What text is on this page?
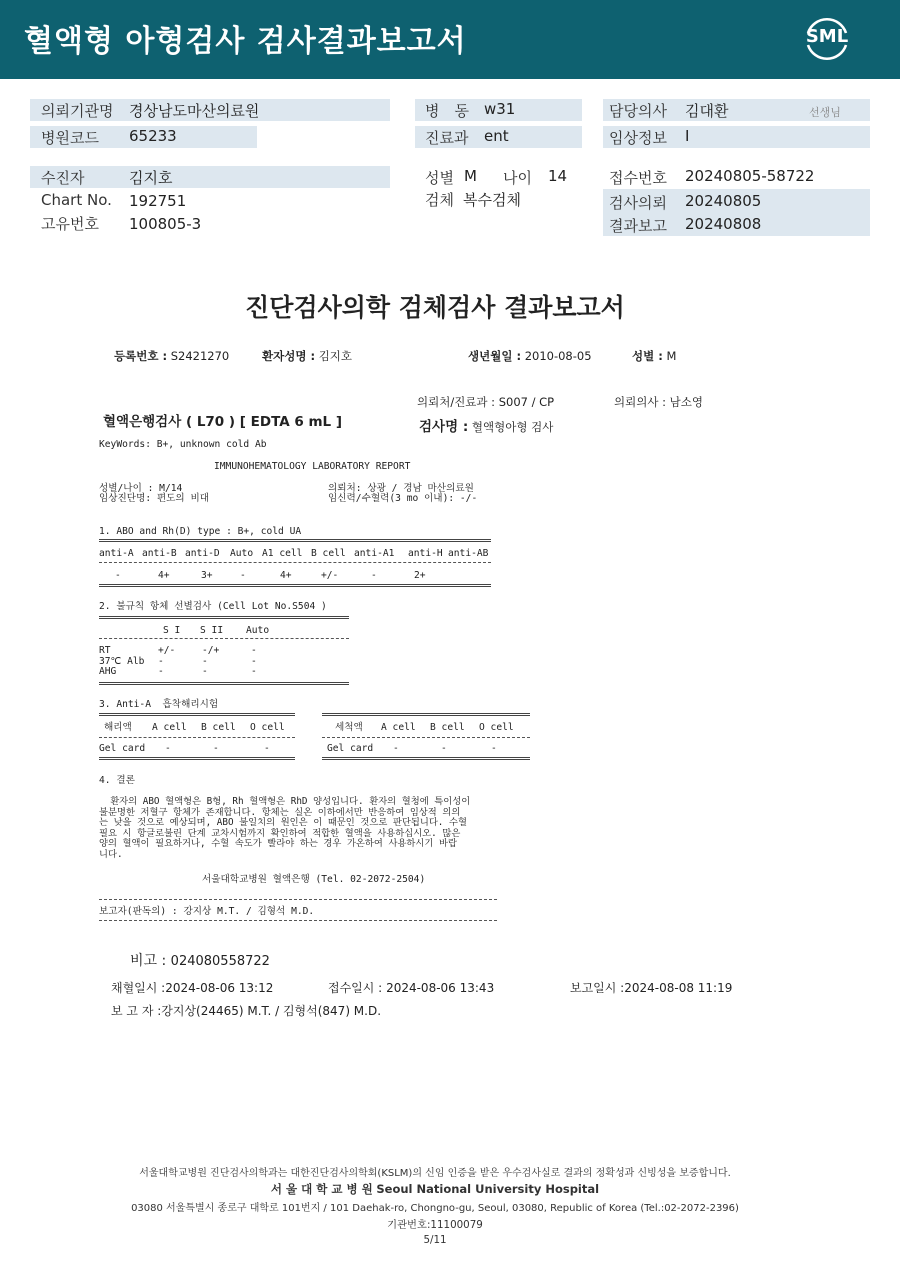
혈액형 아형검사 검사결과보고서	SML
의뢰기관명 경상남도마산의료원
병원코드 65233
수진자	김지호
Chart No. 192751
고유번호 100805-3
병　동 w31
진료과 ent
성별 M 나이 14
검체 복수검체
담당의사 김대환	선생님
임상정보 I
접수번호 20240805-58722
검사의뢰 20240805
결과보고 20240808
진단검사의학 검체검사 결과보고서
등록번호 : S2421270	환자성명 : 김지호	생년월일 : 2010-08-05	성별 : M
의뢰처/진료과 : S007 / CP	의뢰의사 : 남소영
혈액은행검사 ( L70 ) [ EDTA 6 mL ]	검사명 : 혈액형아형 검사
KeyWords: B+, unknown cold Ab
IMMUNOHEMATOLOGY LABORATORY REPORT
성별/나이 : M/14
임상진단명: 편도의 비대
의뢰처: 상광 / 경남 마산의료원
임신력/수혈력(3 mo 이내): -/-
1. ABO and Rh(D) type : B+, cold UA
anti-A anti-B anti-D Auto A1 cell B cell anti-A1 anti-H anti-AB
-	4+	3+	-	4+	+/-	-	2+
2. 불규칙 항체 선별검사 (Cell Lot No.S504 )
S I S II Auto
RT	+/-	-/+	-
37℃ Alb -	-	-
AHG	-	-	-
3. Anti-A  흡착해리시험
해리액 A cell B cell O cell
Gel card -	-	-
세척액 A cell B cell O cell
Gel card -	-	-
4. 결론
환자의 ABO 혈액형은 B형, Rh 혈액형은 RhD 양성입니다. 환자의 혈청에 특이성이
불분명한 저혈구 항체가 존재합니다. 항체는 실온 이하에서만 반응하여 임상적 의의
는 낮을 것으로 예상되며, ABO 불일치의 원인은 이 때문인 것으로 판단됩니다. 수혈
필요 시 항글로불린 단계 교차시험까지 확인하여 적합한 혈액을 사용하십시오. 많은
양의 혈액이 필요하거나, 수혈 속도가 빨라야 하는 경우 가온하여 사용하시기 바랍
니다.
서울대학교병원 혈액은행 (Tel. 02-2072-2504)
보고자(판독의) : 강지상 M.T. / 김형석 M.D.
비고 : 024080558722
채혈일시 :2024-08-06 13:12	접수일시 : 2024-08-06 13:43	보고일시 :2024-08-08 11:19
보 고 자 :강지상(24465) M.T. / 김형석(847) M.D.
서울대학교병원 진단검사의학과는 대한진단검사의학회(KSLM)의 신임 인증을 받은 우수검사실로 결과의 정확성과 신빙성을 보증합니다.
서 울 대 학 교 병 원 Seoul National University Hospital
03080 서울특별시 종로구 대학로 101번지 / 101 Daehak-ro, Chongno-gu, Seoul, 03080, Republic of Korea (Tel.:02-2072-2396)
기관번호:11100079
5/11
